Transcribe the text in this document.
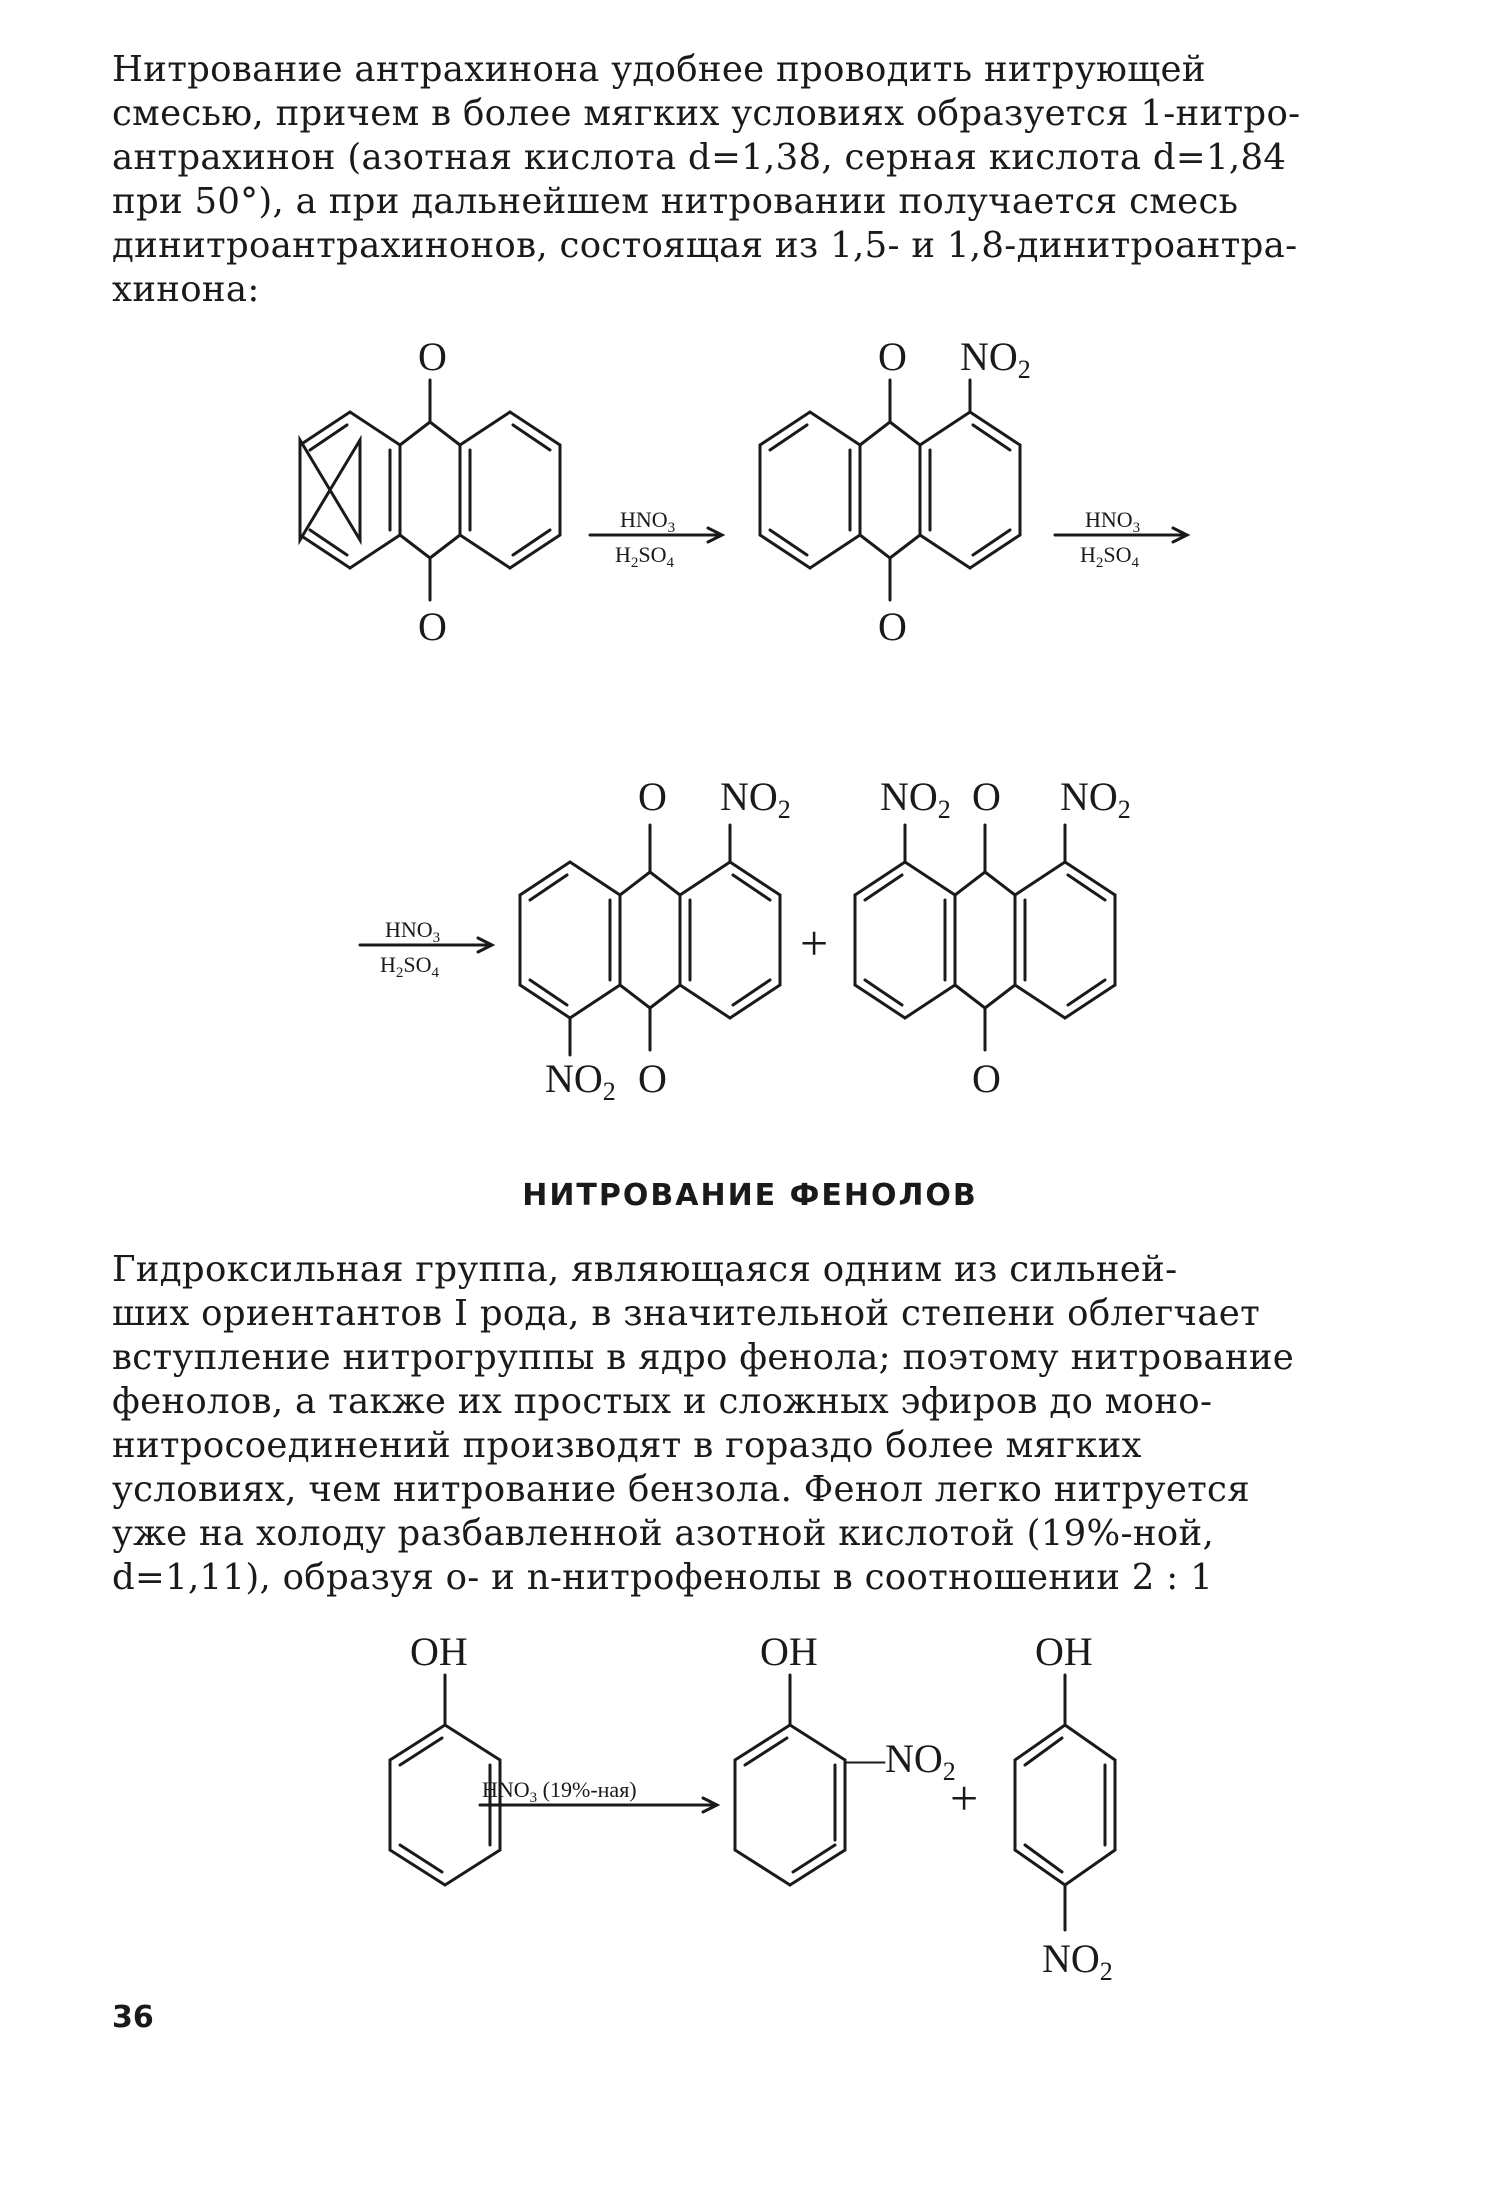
Нитрование антрахинона удобнее проводить нитрующей
смесью, причем в более мягких условиях образуется 1-нитро-
антрахинон (азотная кислота d=1,38, серная кислота d=1,84
при 50°), а при дальнейшем нитровании получается смесь
динитроантрахинонов, состоящая из 1,5- и 1,8-динитроантра-
хинона:
O
O
$HNO_3$
$H_2SO_4$
O
O
$NO_2$
$HNO_3$
$H_2SO_4$
$HNO_3$
$H_2SO_4$
O $NO_2$
$NO_2$ O
+
$NO_2$ O $NO_2$
O
НИТРОВАНИЕ ФЕНОЛОВ
Гидроксильная группа, являющаяся одним из сильней-
ших ориентантов I рода, в значительной степени облегчает
вступление нитрогруппы в ядро фенола; поэтому нитрование
фенолов, а также их простых и сложных эфиров до моно-
нитросоединений производят в гораздо более мягких
условиях, чем нитрование бензола. Фенол легко нитруется
уже на холоду разбавленной азотной кислотой (19%-ной,
d=1,11), образуя о- и n-нитрофенолы в соотношении 2 : 1
OH
$HNO_3$ (19%-ная)
OH
$—NO_2$
+
OH
$NO_2$
36
